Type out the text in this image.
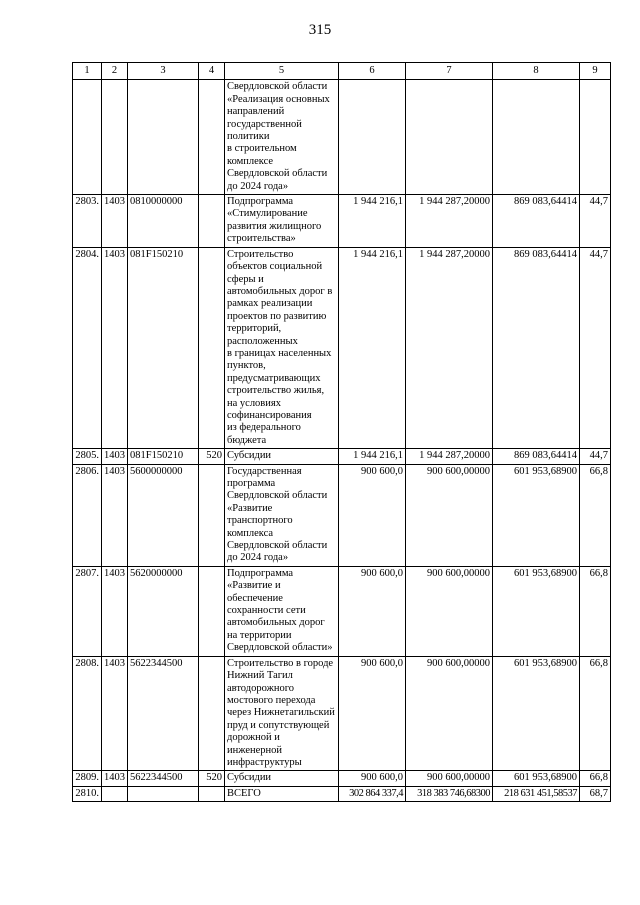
315
1	2	3	4	5	6	7	8	9
				Свердловской области
«Реализация основных направлений государственной политики
в строительном комплексе Свердловской области до 2024 года»				
2803.	1403	0810000000		Подпрограмма «Стимулирование развития жилищного строительства»	1 944 216,1	1 944 287,20000	869 083,64414	44,7
2804.	1403	081F150210		Строительство объектов социальной сферы и автомобильных дорог в рамках реализации проектов по развитию территорий, расположенных
в границах населенных пунктов, предусматривающих строительство жилья, на условиях софинансирования
из федерального бюджета	1 944 216,1	1 944 287,20000	869 083,64414	44,7
2805.	1403	081F150210	520	Субсидии	1 944 216,1	1 944 287,20000	869 083,64414	44,7
2806.	1403	5600000000		Государственная программа Свердловской области «Развитие транспортного комплекса Свердловской области до 2024 года»	900 600,0	900 600,00000	601 953,68900	66,8
2807.	1403	5620000000		Подпрограмма «Развитие и обеспечение сохранности сети автомобильных дорог на территории Свердловской области»	900 600,0	900 600,00000	601 953,68900	66,8
2808.	1403	5622344500		Строительство в городе Нижний Тагил автодорожного мостового перехода через Нижнетагильский пруд и сопутствующей дорожной и инженерной инфраструктуры	900 600,0	900 600,00000	601 953,68900	66,8
2809.	1403	5622344500	520	Субсидии	900 600,0	900 600,00000	601 953,68900	66,8
2810.				ВСЕГО	302 864 337,4	318 383 746,68300	218 631 451,58537	68,7
